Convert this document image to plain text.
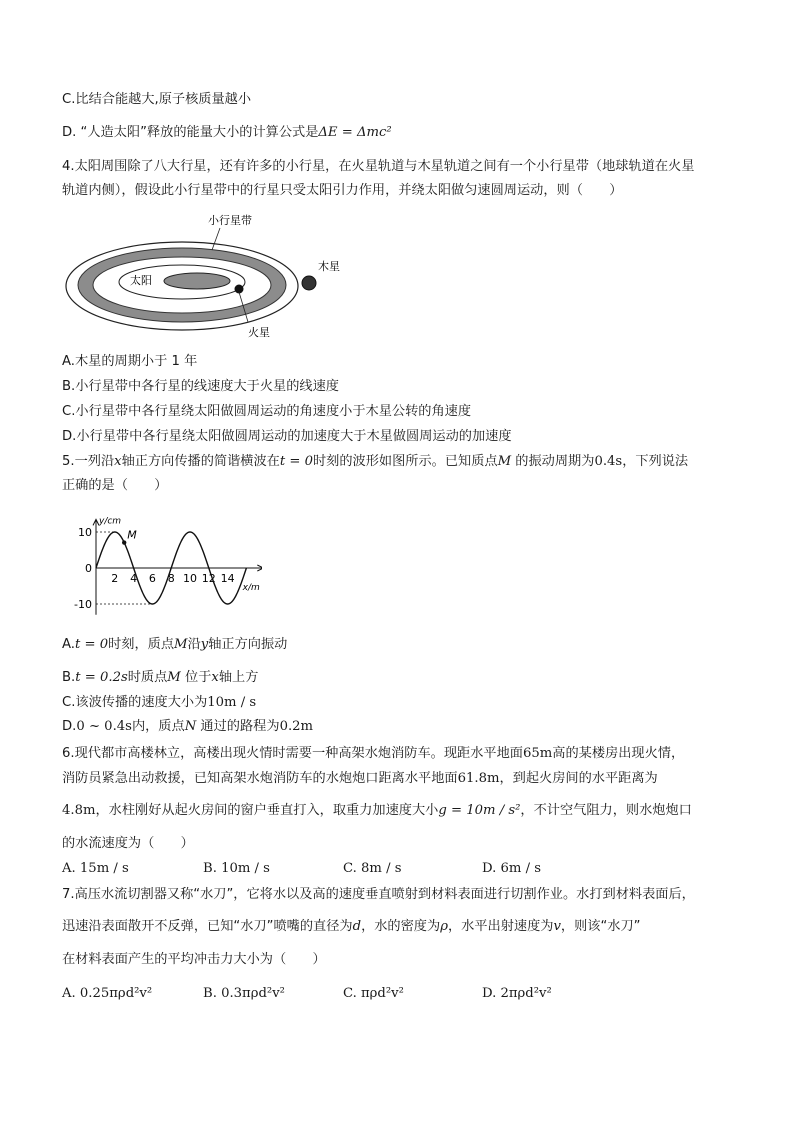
C.比结合能越大,原子核质量越小
D. “人造太阳”释放的能量大小的计算公式是ΔE = Δmc²
4.太阳周围除了八大行星，还有许多的小行星，在火星轨道与木星轨道之间有一个小行星带（地球轨道在火星
轨道内侧），假设此小行星带中的行星只受太阳引力作用，并绕太阳做匀速圆周运动，则（　　）
小行星带
太阳
木星
火星
A.木星的周期小于 1 年
B.小行星带中各行星的线速度大于火星的线速度
C.小行星带中各行星绕太阳做圆周运动的角速度小于木星公转的角速度
D.小行星带中各行星绕太阳做圆周运动的加速度大于木星做圆周运动的加速度
5.一列沿x轴正方向传播的简谐横波在t = 0时刻的波形如图所示。已知质点M 的振动周期为0.4s，下列说法
正确的是（　　）
y/cm
x/m
10
0
-10
2 4 6 8 10 12 14
M
A.t = 0时刻，质点M沿y轴正方向振动
B.t = 0.2s时质点M 位于x轴上方
C.该波传播的速度大小为10m / s
D.0 ~ 0.4s内，质点N 通过的路程为0.2m
6.现代都市高楼林立，高楼出现火情时需要一种高架水炮消防车。现距水平地面65m高的某楼房出现火情，
消防员紧急出动救援，已知高架水炮消防车的水炮炮口距离水平地面61.8m，到起火房间的水平距离为
4.8m，水柱刚好从起火房间的窗户垂直打入，取重力加速度大小g = 10m / s²，不计空气阻力，则水炮炮口
的水流速度为（　　）
A. 15m / s	B. 10m / s	C. 8m / s	D. 6m / s
7.高压水流切割器又称“水刀”，它将水以及高的速度垂直喷射到材料表面进行切割作业。水打到材料表面后，
迅速沿表面散开不反弹，已知“水刀”喷嘴的直径为d，水的密度为ρ，水平出射速度为v，则该“水刀”
在材料表面产生的平均冲击力大小为（　　）
A. 0.25πρd²v²	B. 0.3πρd²v²	C. πρd²v²	D. 2πρd²v²
